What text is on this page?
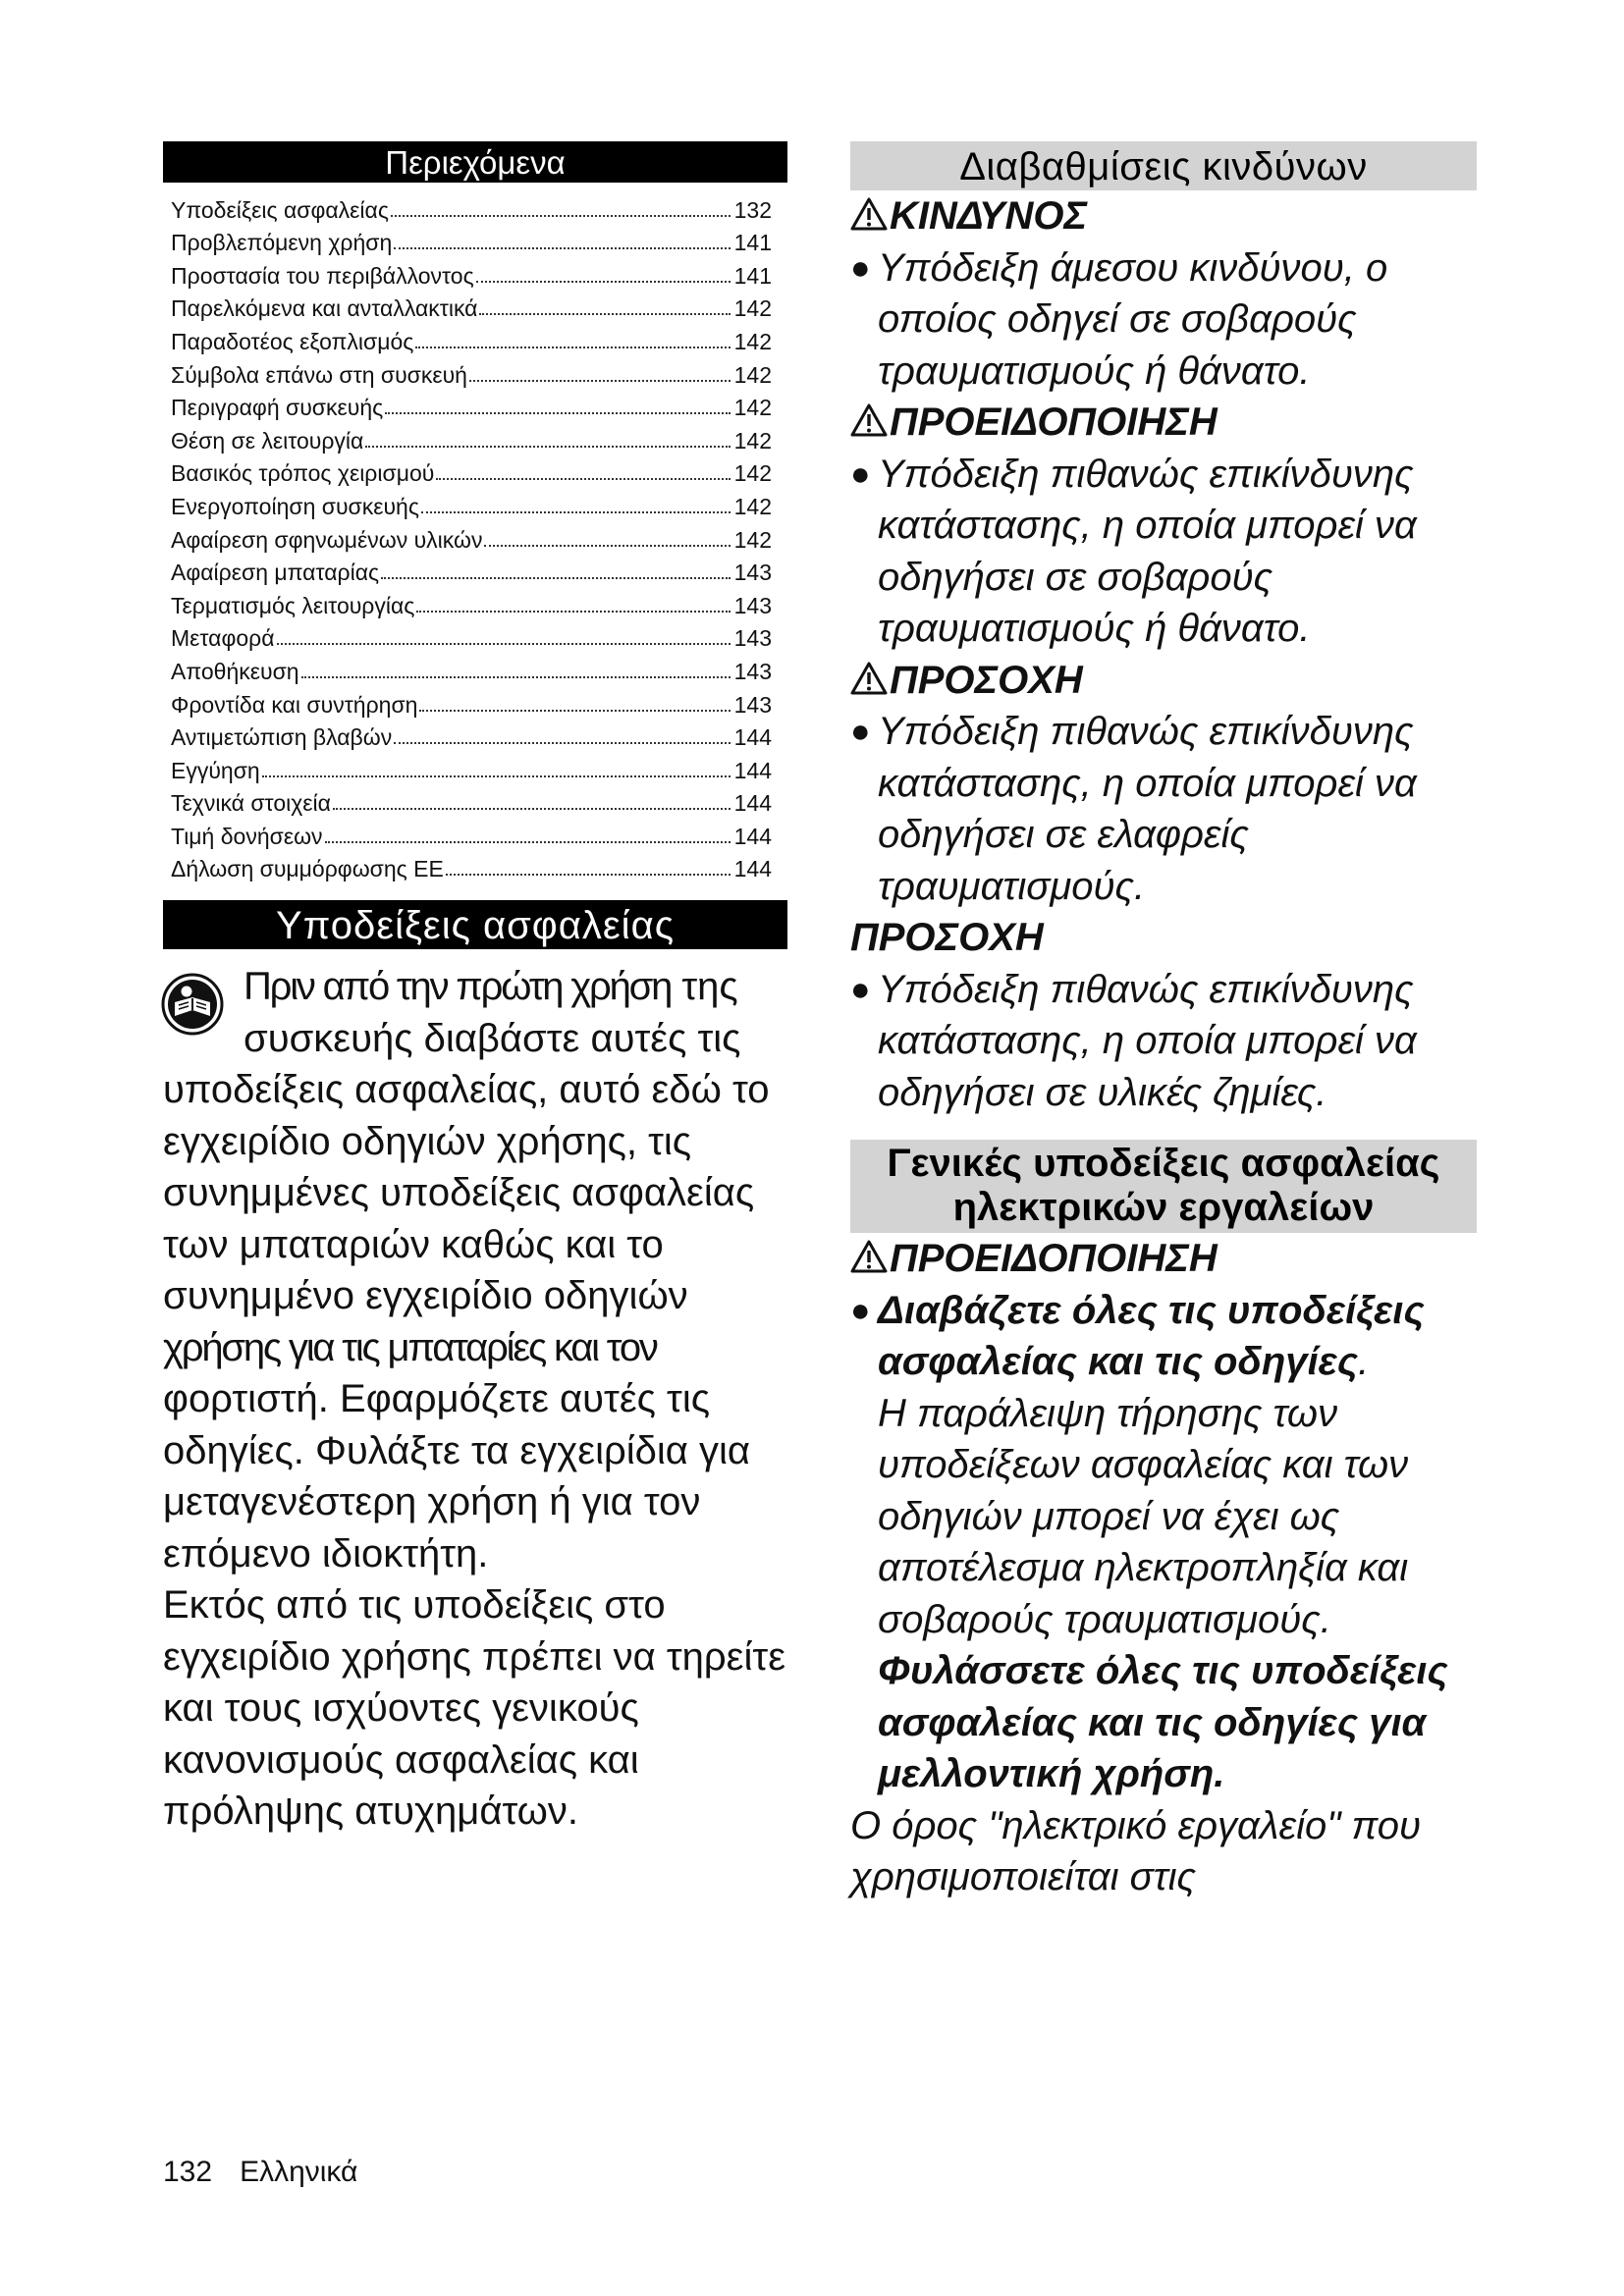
Περιεχόμενα
Υποδείξεις ασφαλείας	132
Προβλεπόμενη χρήση	141
Προστασία του περιβάλλοντος	141
Παρελκόμενα και ανταλλακτικά	142
Παραδοτέος εξοπλισμός	142
Σύμβολα επάνω στη συσκευή	142
Περιγραφή συσκευής	142
Θέση σε λειτουργία	142
Βασικός τρόπος χειρισμού	142
Ενεργοποίηση συσκευής	142
Αφαίρεση σφηνωμένων υλικών	142
Αφαίρεση μπαταρίας	143
Τερματισμός λειτουργίας	143
Μεταφορά	143
Αποθήκευση	143
Φροντίδα και συντήρηση	143
Αντιμετώπιση βλαβών	144
Εγγύηση	144
Τεχνικά στοιχεία	144
Τιμή δονήσεων	144
Δήλωση συμμόρφωσης ΕΕ	144
Υποδείξεις ασφαλείας
Πριν από την πρώτη χρήση της συσκευής διαβάστε αυτές τις υποδείξεις ασφαλείας, αυτό εδώ το εγχειρίδιο οδηγιών χρήσης, τις συνημμένες υποδείξεις ασφαλείας των μπαταριών καθώς και το συνημμένο εγχειρίδιο οδηγιών χρήσης για τις μπαταρίες και τον φορτιστή. Εφαρμόζετε αυτές τις οδηγίες. Φυλάξτε τα εγχειρίδια για μεταγενέστερη χρήση ή για τον επόμενο ιδιοκτήτη.
Εκτός από τις υποδείξεις στο εγχειρίδιο χρήσης πρέπει να τηρείτε και τους ισχύοντες γενικούς κανονισμούς ασφαλείας και πρόληψης ατυχημάτων.
Διαβαθμίσεις κινδύνων
ΚΙΝΔΥΝΟΣ
● Υπόδειξη άμεσου κινδύνου, ο οποίος οδηγεί σε σοβαρούς τραυματισμούς ή θάνατο.
ΠΡΟΕΙΔΟΠΟΙΗΣΗ
● Υπόδειξη πιθανώς επικίνδυνης κατάστασης, η οποία μπορεί να οδηγήσει σε σοβαρούς τραυματισμούς ή θάνατο.
ΠΡΟΣΟΧΗ
● Υπόδειξη πιθανώς επικίνδυνης κατάστασης, η οποία μπορεί να οδηγήσει σε ελαφρείς τραυματισμούς.
ΠΡΟΣΟΧΗ
● Υπόδειξη πιθανώς επικίνδυνης κατάστασης, η οποία μπορεί να οδηγήσει σε υλικές ζημίες.
Γενικές υποδείξεις ασφαλείας
ηλεκτρικών εργαλείων
ΠΡΟΕΙΔΟΠΟΙΗΣΗ
● Διαβάζετε όλες τις υποδείξεις ασφαλείας και τις οδηγίες.
Η παράλειψη τήρησης των υποδείξεων ασφαλείας και των οδηγιών μπορεί να έχει ως αποτέλεσμα ηλεκτροπληξία και σοβαρούς τραυματισμούς.
Φυλάσσετε όλες τις υποδείξεις ασφαλείας και τις οδηγίες για μελλοντική χρήση.
Ο όρος "ηλεκτρικό εργαλείο" που χρησιμοποιείται στις
132 Ελληνικά
